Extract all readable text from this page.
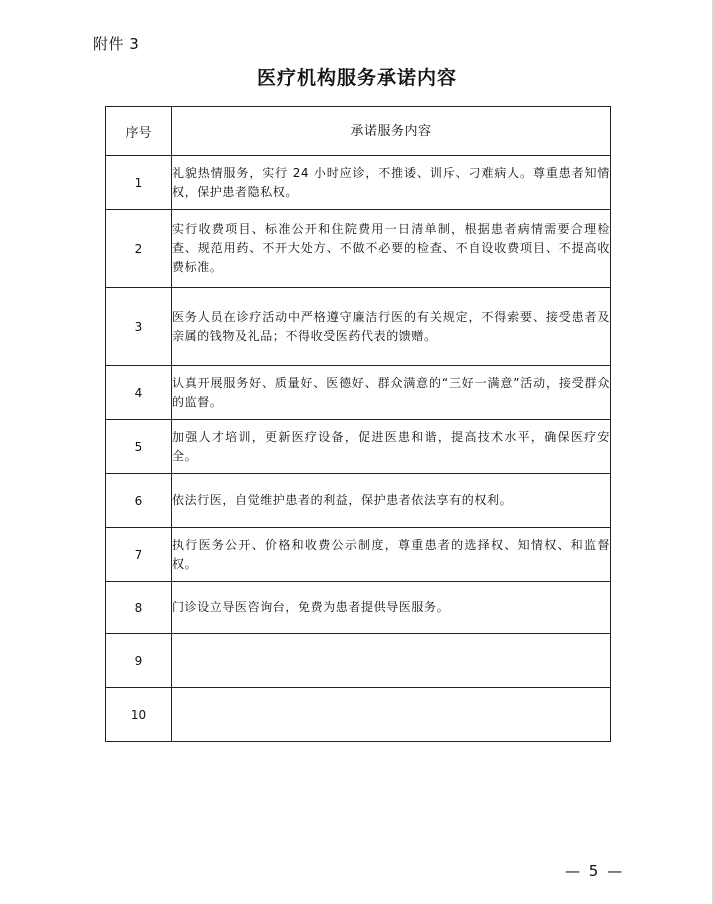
附件 3
医疗机构服务承诺内容
序号	承诺服务内容
1	礼貌热情服务，实行 24 小时应诊，不推诿、训斥、刁难病人。尊重患者知情权，保护患者隐私权。
2	实行收费项目、标准公开和住院费用一日清单制，根据患者病情需要合理检查、规范用药、不开大处方、不做不必要的检查、不自设收费项目、不提高收费标准。
3	医务人员在诊疗活动中严格遵守廉洁行医的有关规定，不得索要、接受患者及亲属的钱物及礼品；不得收受医药代表的馈赠。
4	认真开展服务好、质量好、医德好、群众满意的“三好一满意”活动，接受群众的监督。
5	加强人才培训，更新医疗设备，促进医患和谐，提高技术水平，确保医疗安全。
6	依法行医，自觉维护患者的利益，保护患者依法享有的权利。
7	执行医务公开、价格和收费公示制度，尊重患者的选择权、知情权、和监督权。
8	门诊设立导医咨询台，免费为患者提供导医服务。
9	
10	
— 5 —
